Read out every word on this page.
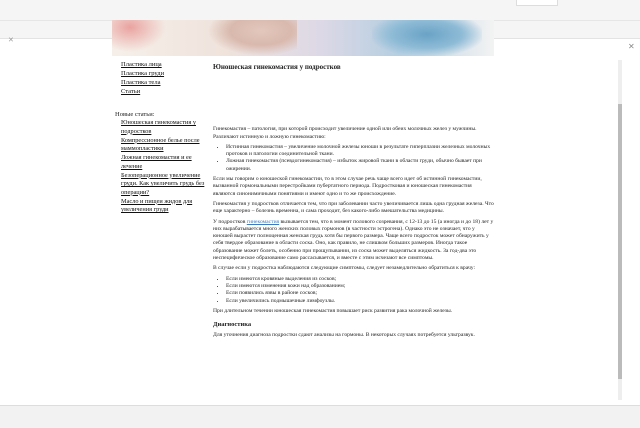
✕
✕
Пластика лица
Пластика груди
Пластика тела
Статьи
Новые статьи:
Юношеская гинекомастия у подростков
Компрессионное белье после маммопластики
Ложная гинекомастия и ее лечение
Безоперационное увеличение груди. Как увеличить грудь без операции?
Масло и пищеи жидов для увеличения груди
Юношеская гинекомастия у подростков

Гинекомастия – патология, при которой происходит увеличение одной или обеих молочных желез у мужчины. Различают истинную и ложную гинекомастию:

• Истинная гинекомастия – увеличение молочной железы юноши в результате гиперплазии железных молочных протоков и патологии соединительной ткани.
• Ложная гинекомастия (псевдогинекомастия) – избыток жировой ткани в области груди, обычно бывает при ожирении.

Если мы говорим о юношеской гинекомастии, то в этом случае речь чаще всего идет об истинной гинекомастии, вызванной гормональными перестройками пубертатного периода. Подростковая и юношеская гинекомастия являются синонимичными понятиями и имеют одно и то же происхождение.

Гинекомастия у подростков отличается тем, что при заболевании часто увеличивается лишь одна грудная железа. Что еще характерно – болезнь временна, и сама проходит, без какого-либо вмешательства медицины.

У подростков гинекомастия вызывается тем, что в момент полового созревания, с 12-13 до 15 (а иногда и до 18) лет у них вырабатывается много женских половых гормонов (в частности эстрогена). Однако это не означает, что у юношей вырастет полноценная женская грудь хотя бы первого размера. Чаще всего подросток может обнаружить у себя твердое образование в области соска. Оно, как правило, не слишком больших размеров. Иногда такое образование может болеть, особенно при прощупывании, из соска может выделяться жидкость. За год-два это неспецифическое образование само рассасывается, и вместе с этим исчезают все симптомы.

В случае если у подростка наблюдаются следующие симптомы, следует незамедлительно обратиться к врачу:

• Если имеются кровяные выделения из сосков;
• Если имеются изменения кожи над образованием;
• Если появились язвы в районе сосков;
• Если увеличились подмышечные лимфоузлы.

При длительном течении юношеская гинекомастия повышает риск развития рака молочной железы.

Диагностика

Для уточнения диагноза подростки сдают анализы на гормоны. В некоторых случаях потребуется ультразвук.
